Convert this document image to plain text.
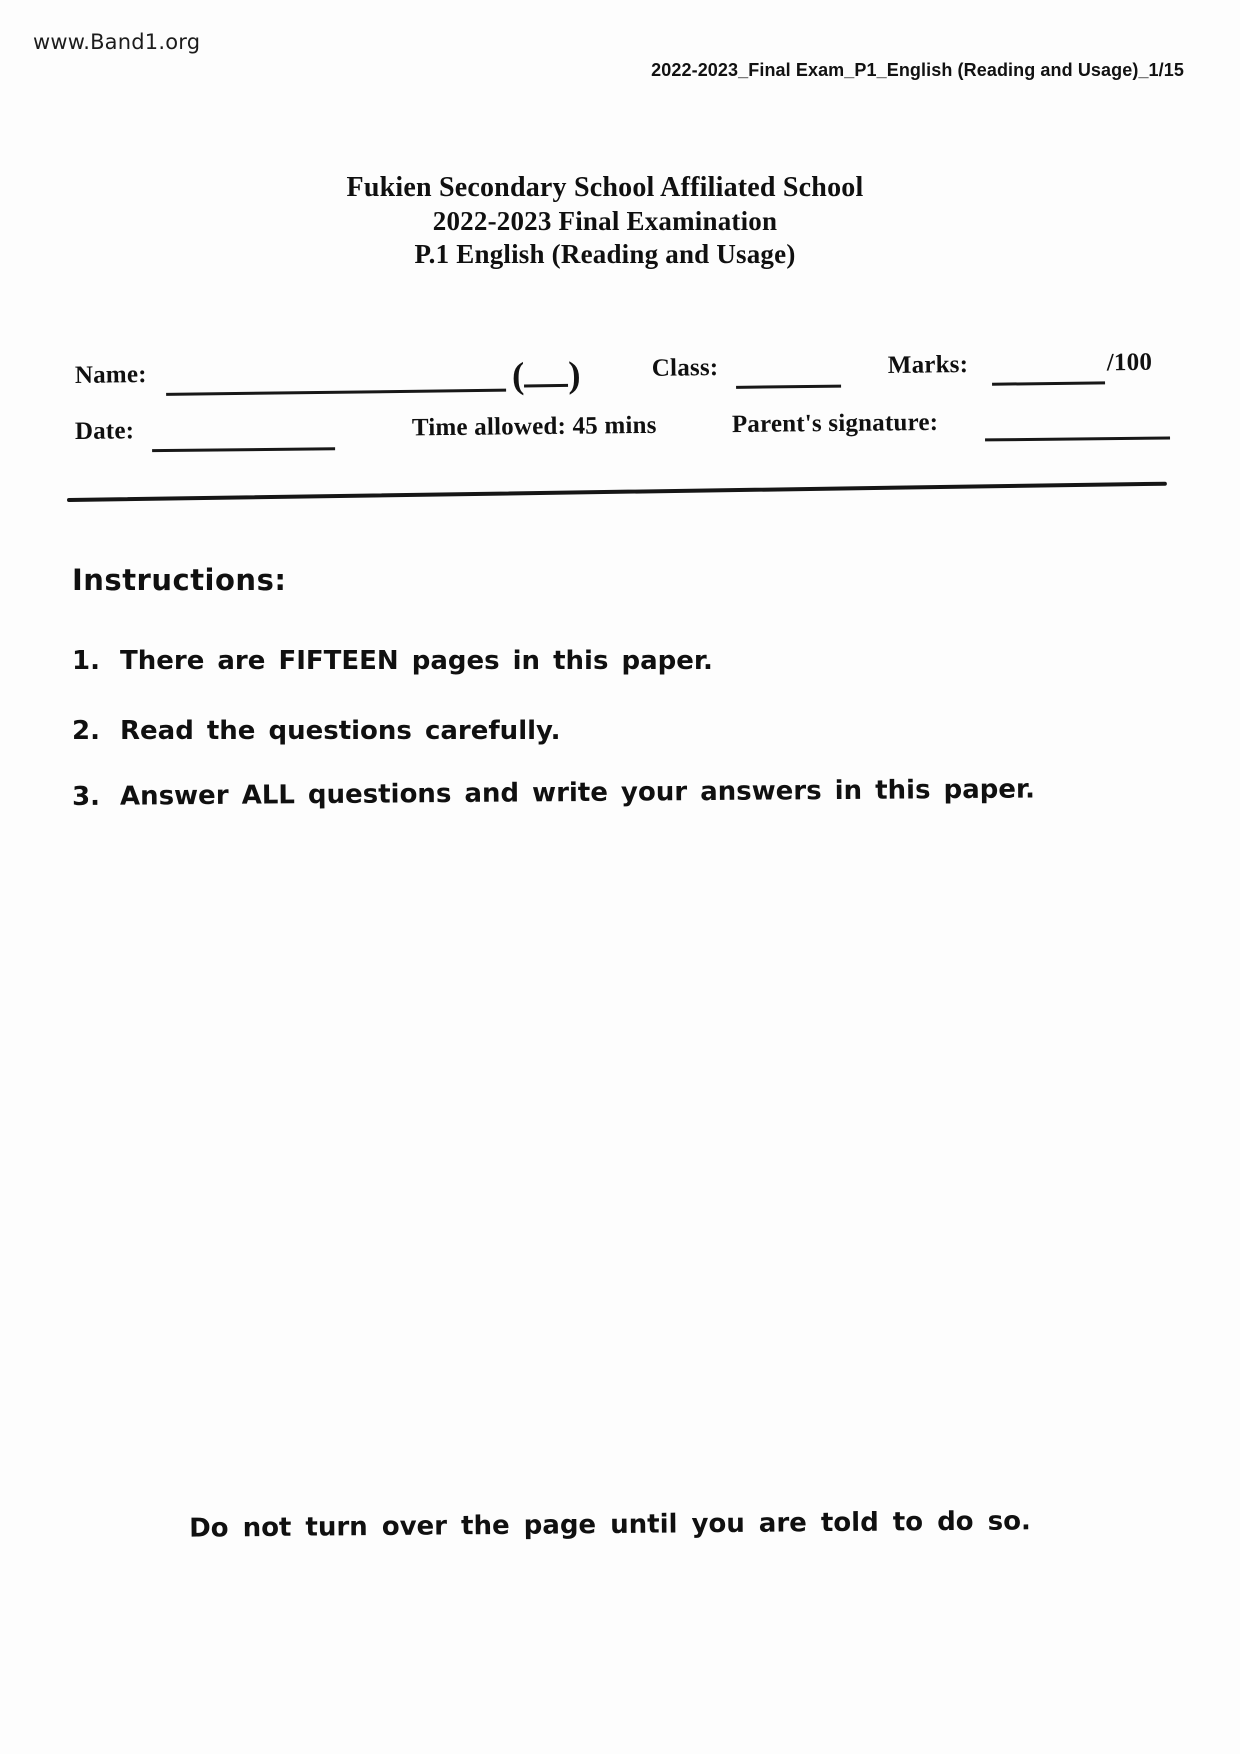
www.Band1.org
2022-2023_Final Exam_P1_English (Reading and Usage)_1/15
Fukien Secondary School Affiliated School
2022-2023 Final Examination
P.1 English (Reading and Usage)
Name:	( )	Class:	Marks:	/100
Date:	Time allowed: 45 mins	Parent's signature:
Instructions:
1. There are FIFTEEN pages in this paper.
2. Read the questions carefully.
3. Answer ALL questions and write your answers in this paper.
Do not turn over the page until you are told to do so.
